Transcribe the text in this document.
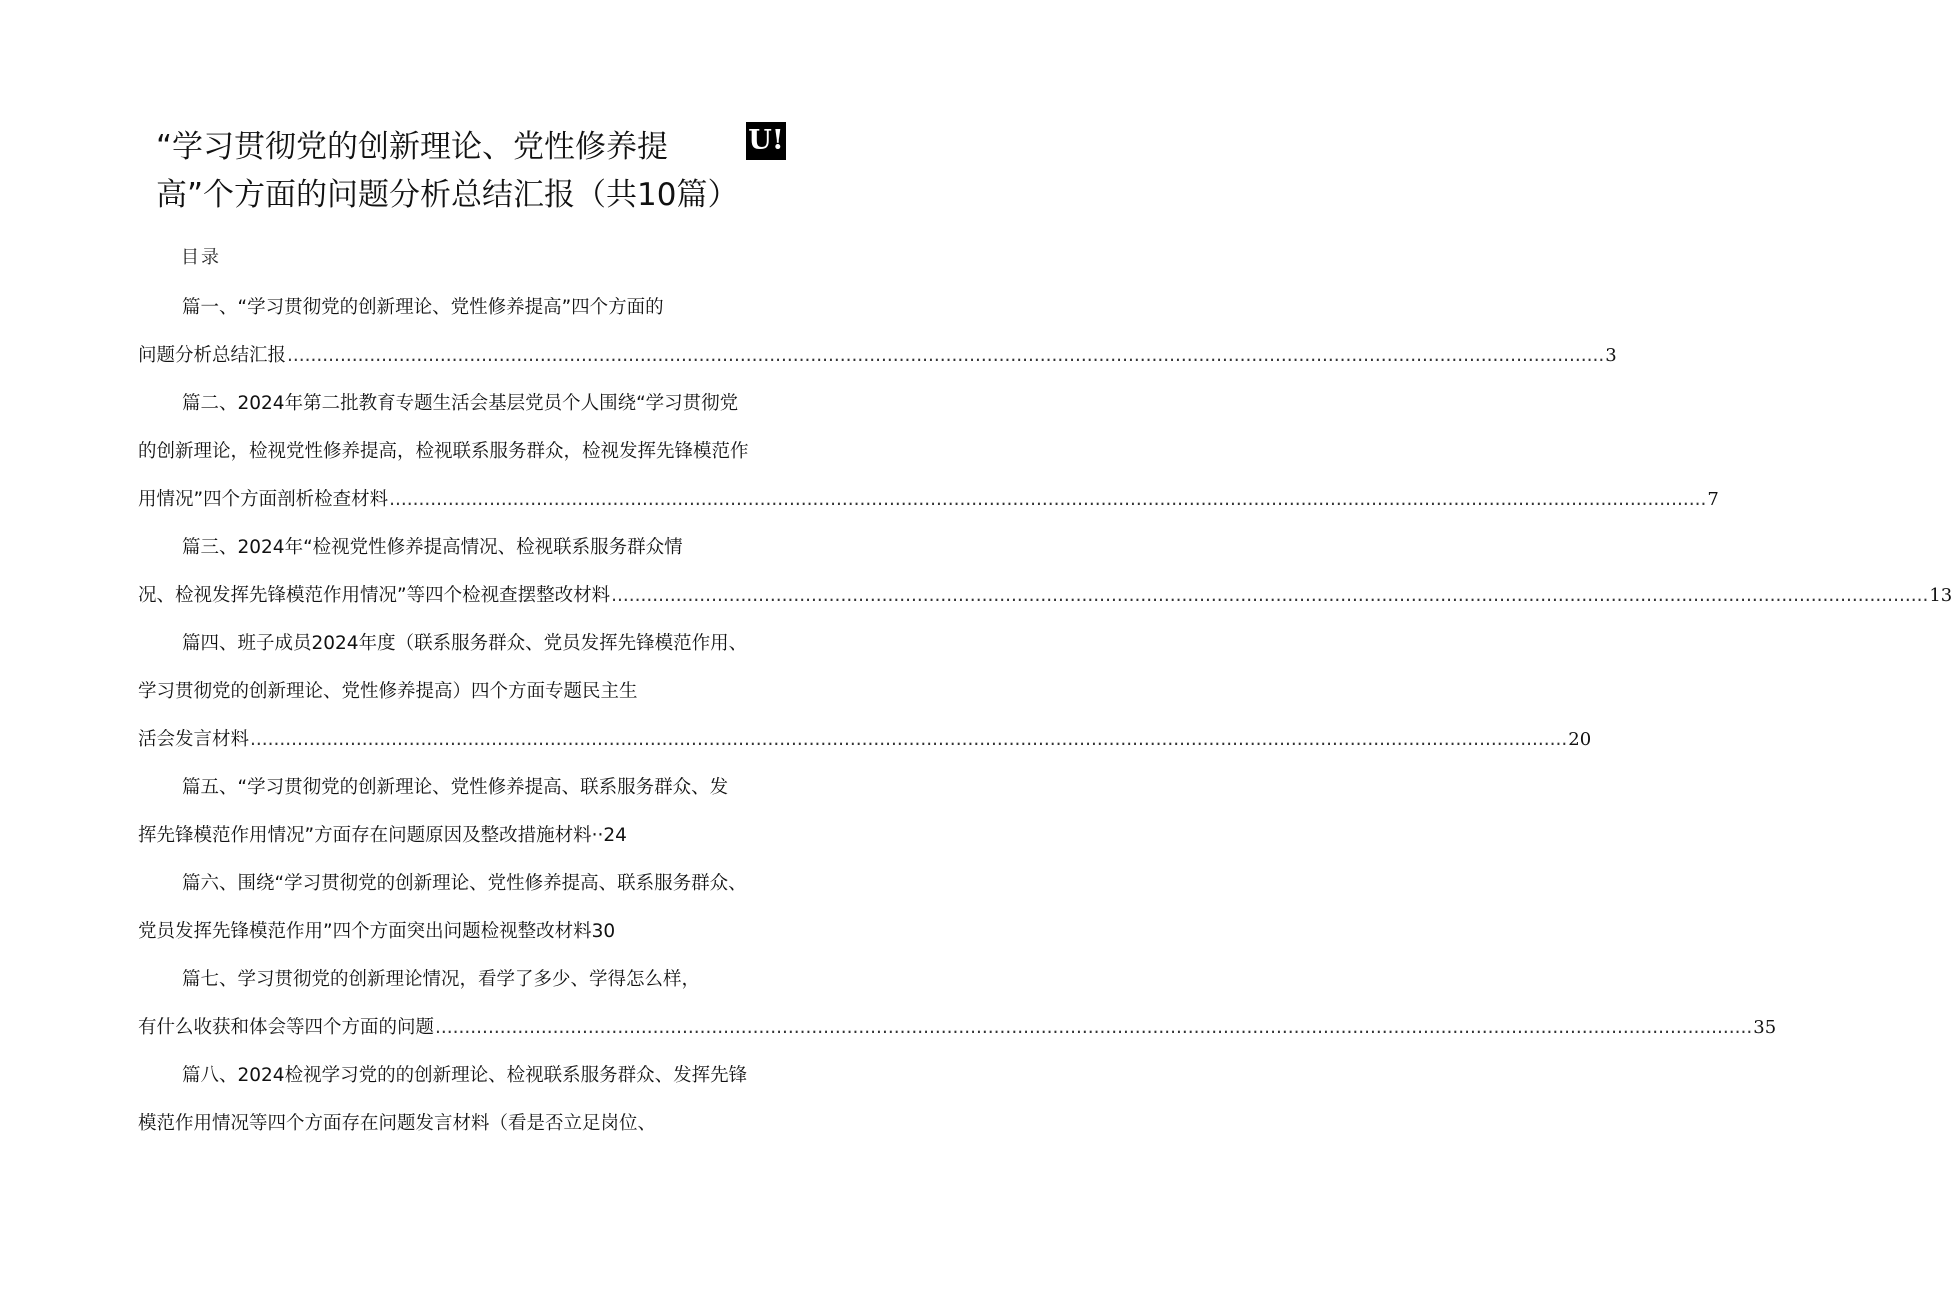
“学习贯彻党的创新理论、党性修养提	U!
高”个方面的问题分析总结汇报（共10篇）
目录
篇一、“学习贯彻党的创新理论、党性修养提高”四个方面的
问题分析总结汇报 ................................................................................................................................................................................................................................ 3
篇二、2024年第二批教育专题生活会基层党员个人围绕“学习贯彻党
的创新理论，检视党性修养提高，检视联系服务群众，检视发挥先锋模范作
用情况”四个方面剖析检查材料 ................................................................................................................................................................................................................................ 7
篇三、2024年“检视党性修养提高情况、检视联系服务群众情
况、检视发挥先锋模范作用情况”等四个检视查摆整改材料 ................................................................................................................................................................................................................................ 13
篇四、班子成员2024年度（联系服务群众、党员发挥先锋模范作用、
学习贯彻党的创新理论、党性修养提高）四个方面专题民主生
活会发言材料 ................................................................................................................................................................................................................................ 20
篇五、“学习贯彻党的创新理论、党性修养提高、联系服务群众、发
挥先锋模范作用情况”方面存在问题原因及整改措施材料··24
篇六、围绕“学习贯彻党的创新理论、党性修养提高、联系服务群众、
党员发挥先锋模范作用”四个方面突出问题检视整改材料30
篇七、学习贯彻党的创新理论情况，看学了多少、学得怎么样，
有什么收获和体会等四个方面的问题 ................................................................................................................................................................................................................................ 35
篇八、2024检视学习党的的创新理论、检视联系服务群众、发挥先锋
模范作用情况等四个方面存在问题发言材料（看是否立足岗位、
